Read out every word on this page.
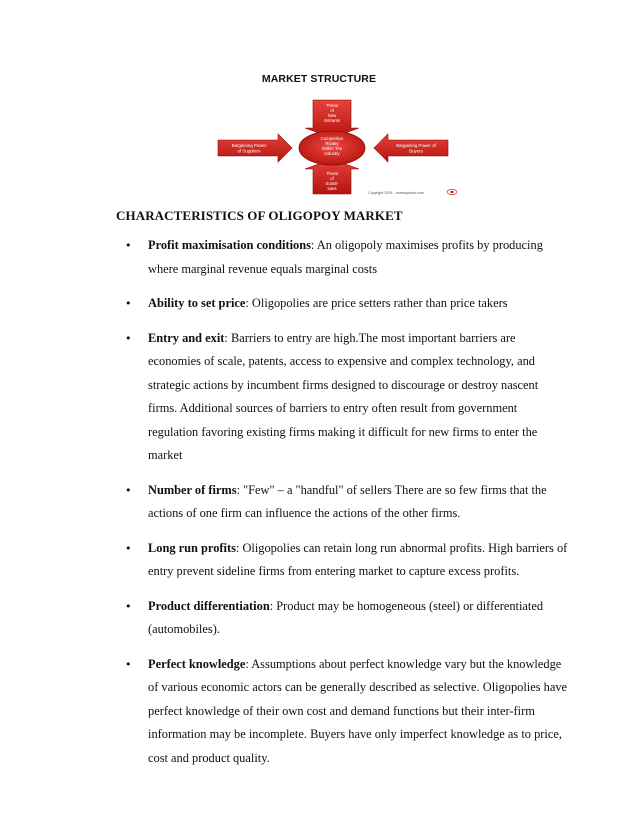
MARKET STRUCTURE
Threat of New Entrants
Threat of Substi-tutes
Bargaining Power of Suppliers
Bargaining Power of Buyers
Competitive Rivalry Within The Industry
Copyright 2005 - Investopedia.com
CHARACTERISTICS OF OLIGOPOY MARKET
• Profit maximisation conditions: An oligopoly maximises profits by producing where marginal revenue equals marginal costs
• Ability to set price: Oligopolies are price setters rather than price takers
• Entry and exit: Barriers to entry are high.The most important barriers are economies of scale, patents, access to expensive and complex technology, and strategic actions by incumbent firms designed to discourage or destroy nascent firms. Additional sources of barriers to entry often result from government regulation favoring existing firms making it difficult for new firms to enter the market
• Number of firms: "Few" – a "handful" of sellers There are so few firms that the actions of one firm can influence the actions of the other firms.
• Long run profits: Oligopolies can retain long run abnormal profits. High barriers of entry prevent sideline firms from entering market to capture excess profits.
• Product differentiation: Product may be homogeneous (steel) or differentiated (automobiles).
• Perfect knowledge: Assumptions about perfect knowledge vary but the knowledge of various economic actors can be generally described as selective. Oligopolies have perfect knowledge of their own cost and demand functions but their inter-firm information may be incomplete. Buyers have only imperfect knowledge as to price, cost and product quality.
